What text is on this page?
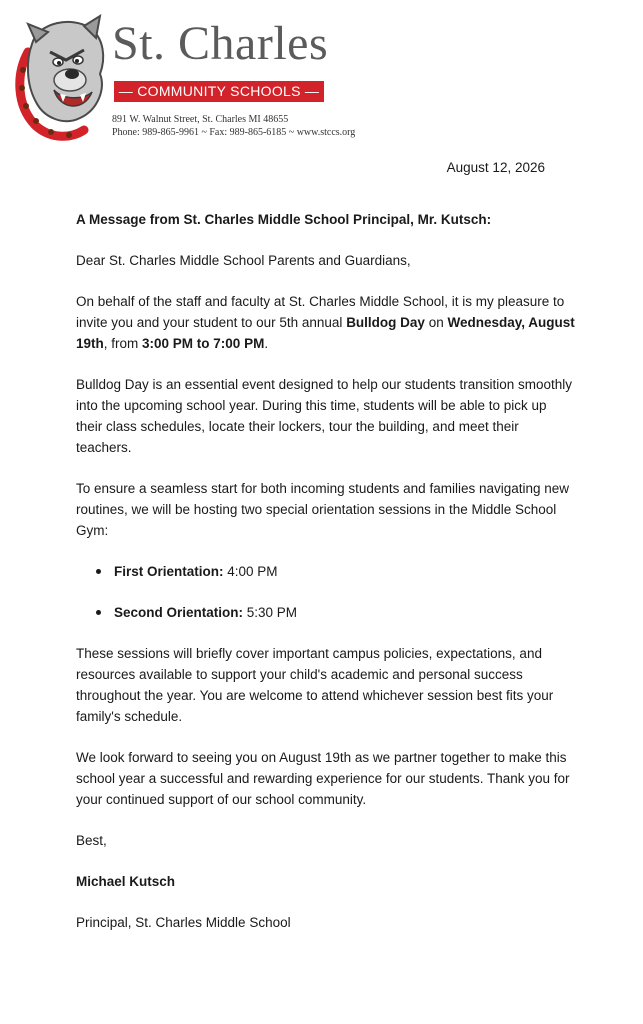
St. Charles
— COMMUNITY SCHOOLS —

891 W. Walnut Street, St. Charles MI 48655

Phone: 989-865-9961 ~ Fax: 989-865-6185 ~ www.stccs.org

August 12, 2026

A Message from St. Charles Middle School Principal, Mr. Kutsch:

Dear St. Charles Middle School Parents and Guardians,

On behalf of the staff and faculty at St. Charles Middle School, it is my pleasure to invite you and your student to our 5th annual Bulldog Day on Wednesday, August 19th, from 3:00 PM to 7:00 PM.

Bulldog Day is an essential event designed to help our students transition smoothly into the upcoming school year. During this time, students will be able to pick up their class schedules, locate their lockers, tour the building, and meet their teachers.

To ensure a seamless start for both incoming students and families navigating new routines, we will be hosting two special orientation sessions in the Middle School Gym:

First Orientation: 4:00 PM
Second Orientation: 5:30 PM

These sessions will briefly cover important campus policies, expectations, and resources available to support your child's academic and personal success throughout the year. You are welcome to attend whichever session best fits your family's schedule.

We look forward to seeing you on August 19th as we partner together to make this school year a successful and rewarding experience for our students. Thank you for your continued support of our school community.

Best,

Michael Kutsch

Principal, St. Charles Middle School
